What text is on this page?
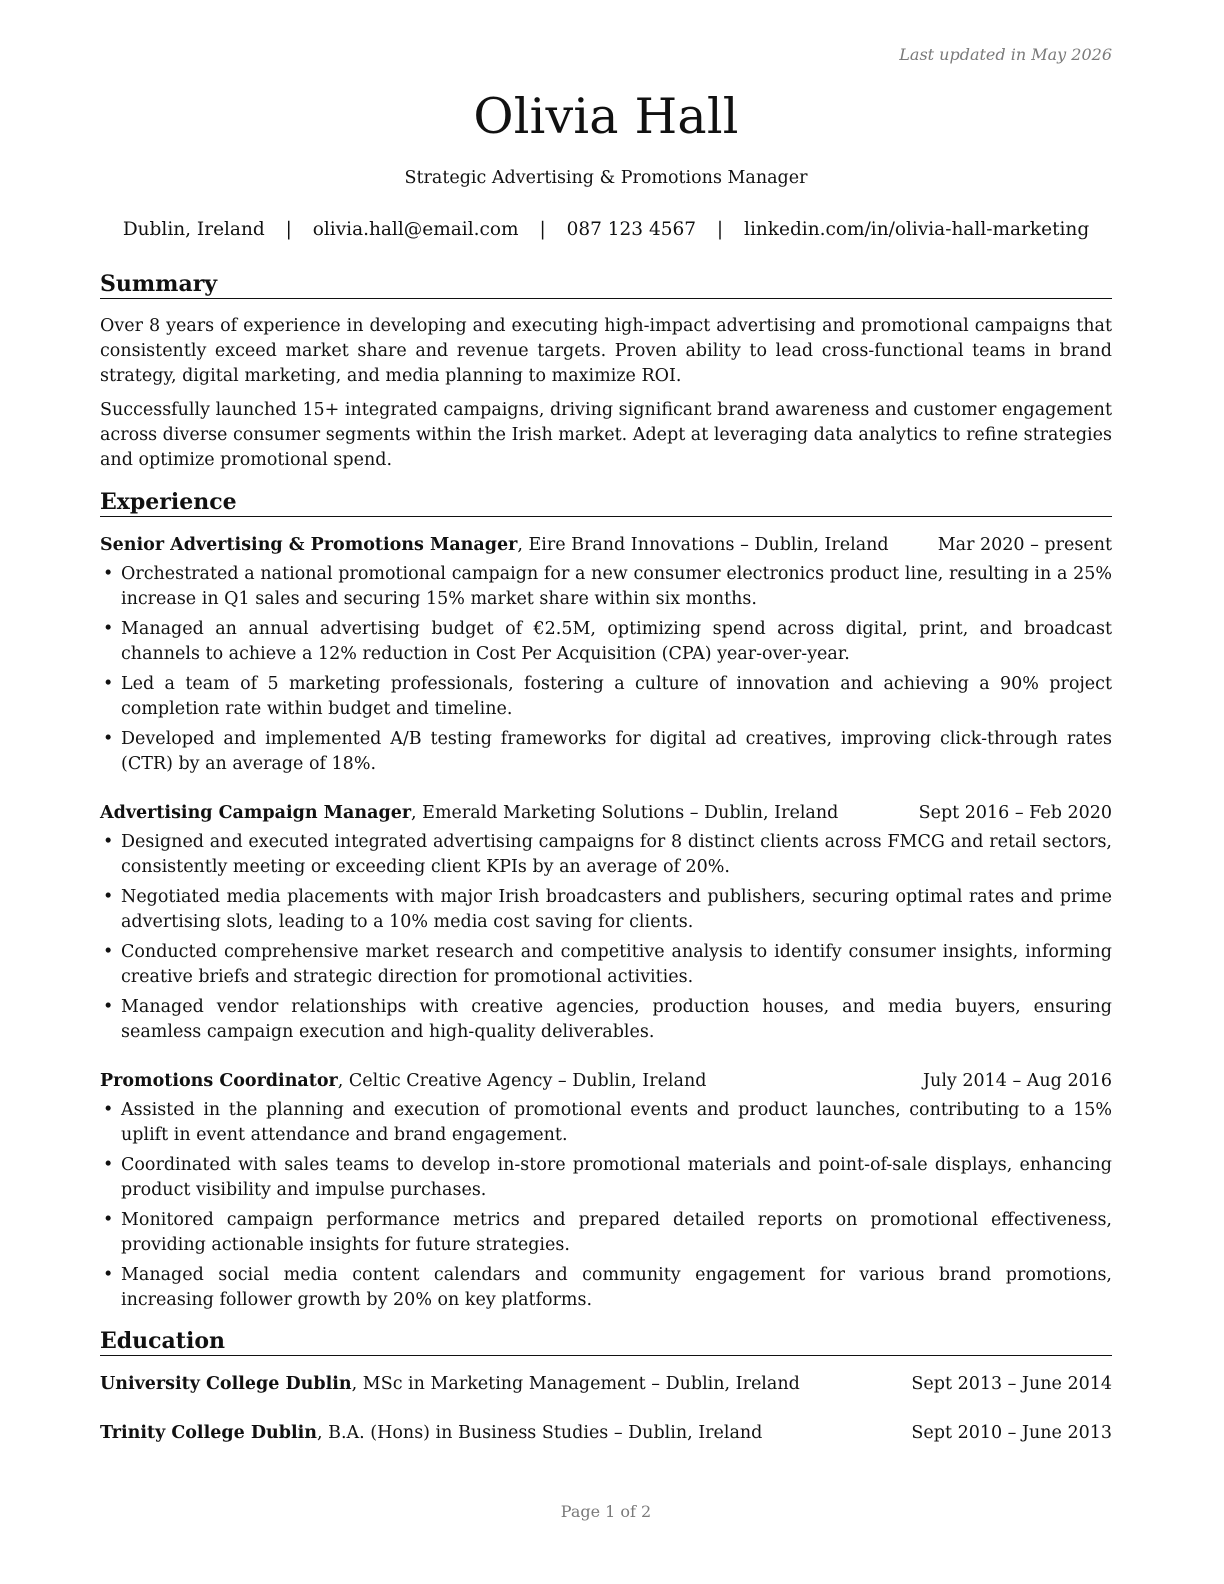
Last updated in May 2026
Olivia Hall
Strategic Advertising & Promotions Manager
Dublin, Ireland | olivia.hall@email.com | 087 123 4567 | linkedin.com/in/olivia-hall-marketing
Summary
Over 8 years of experience in developing and executing high-impact advertising and promotional campaigns that consistently exceed market share and revenue targets. Proven ability to lead cross-functional teams in brand strategy, digital marketing, and media planning to maximize ROI.
Successfully launched 15+ integrated campaigns, driving significant brand awareness and customer engagement across diverse consumer segments within the Irish market. Adept at leveraging data analytics to refine strategies and optimize promotional spend.
Experience
Senior Advertising & Promotions Manager, Eire Brand Innovations – Dublin, Ireland	Mar 2020 – present
• Orchestrated a national promotional campaign for a new consumer electronics product line, resulting in a 25% increase in Q1 sales and securing 15% market share within six months.
• Managed an annual advertising budget of €2.5M, optimizing spend across digital, print, and broadcast channels to achieve a 12% reduction in Cost Per Acquisition (CPA) year-over-year.
• Led a team of 5 marketing professionals, fostering a culture of innovation and achieving a 90% project completion rate within budget and timeline.
• Developed and implemented A/B testing frameworks for digital ad creatives, improving click-through rates (CTR) by an average of 18%.
Advertising Campaign Manager, Emerald Marketing Solutions – Dublin, Ireland	Sept 2016 – Feb 2020
• Designed and executed integrated advertising campaigns for 8 distinct clients across FMCG and retail sectors, consistently meeting or exceeding client KPIs by an average of 20%.
• Negotiated media placements with major Irish broadcasters and publishers, securing optimal rates and prime advertising slots, leading to a 10% media cost saving for clients.
• Conducted comprehensive market research and competitive analysis to identify consumer insights, informing creative briefs and strategic direction for promotional activities.
• Managed vendor relationships with creative agencies, production houses, and media buyers, ensuring seamless campaign execution and high-quality deliverables.
Promotions Coordinator, Celtic Creative Agency – Dublin, Ireland	July 2014 – Aug 2016
• Assisted in the planning and execution of promotional events and product launches, contributing to a 15% uplift in event attendance and brand engagement.
• Coordinated with sales teams to develop in-store promotional materials and point-of-sale displays, enhancing product visibility and impulse purchases.
• Monitored campaign performance metrics and prepared detailed reports on promotional effectiveness, providing actionable insights for future strategies.
• Managed social media content calendars and community engagement for various brand promotions, increasing follower growth by 20% on key platforms.
Education
University College Dublin, MSc in Marketing Management – Dublin, Ireland	Sept 2013 – June 2014
Trinity College Dublin, B.A. (Hons) in Business Studies – Dublin, Ireland	Sept 2010 – June 2013
Page 1 of 2
